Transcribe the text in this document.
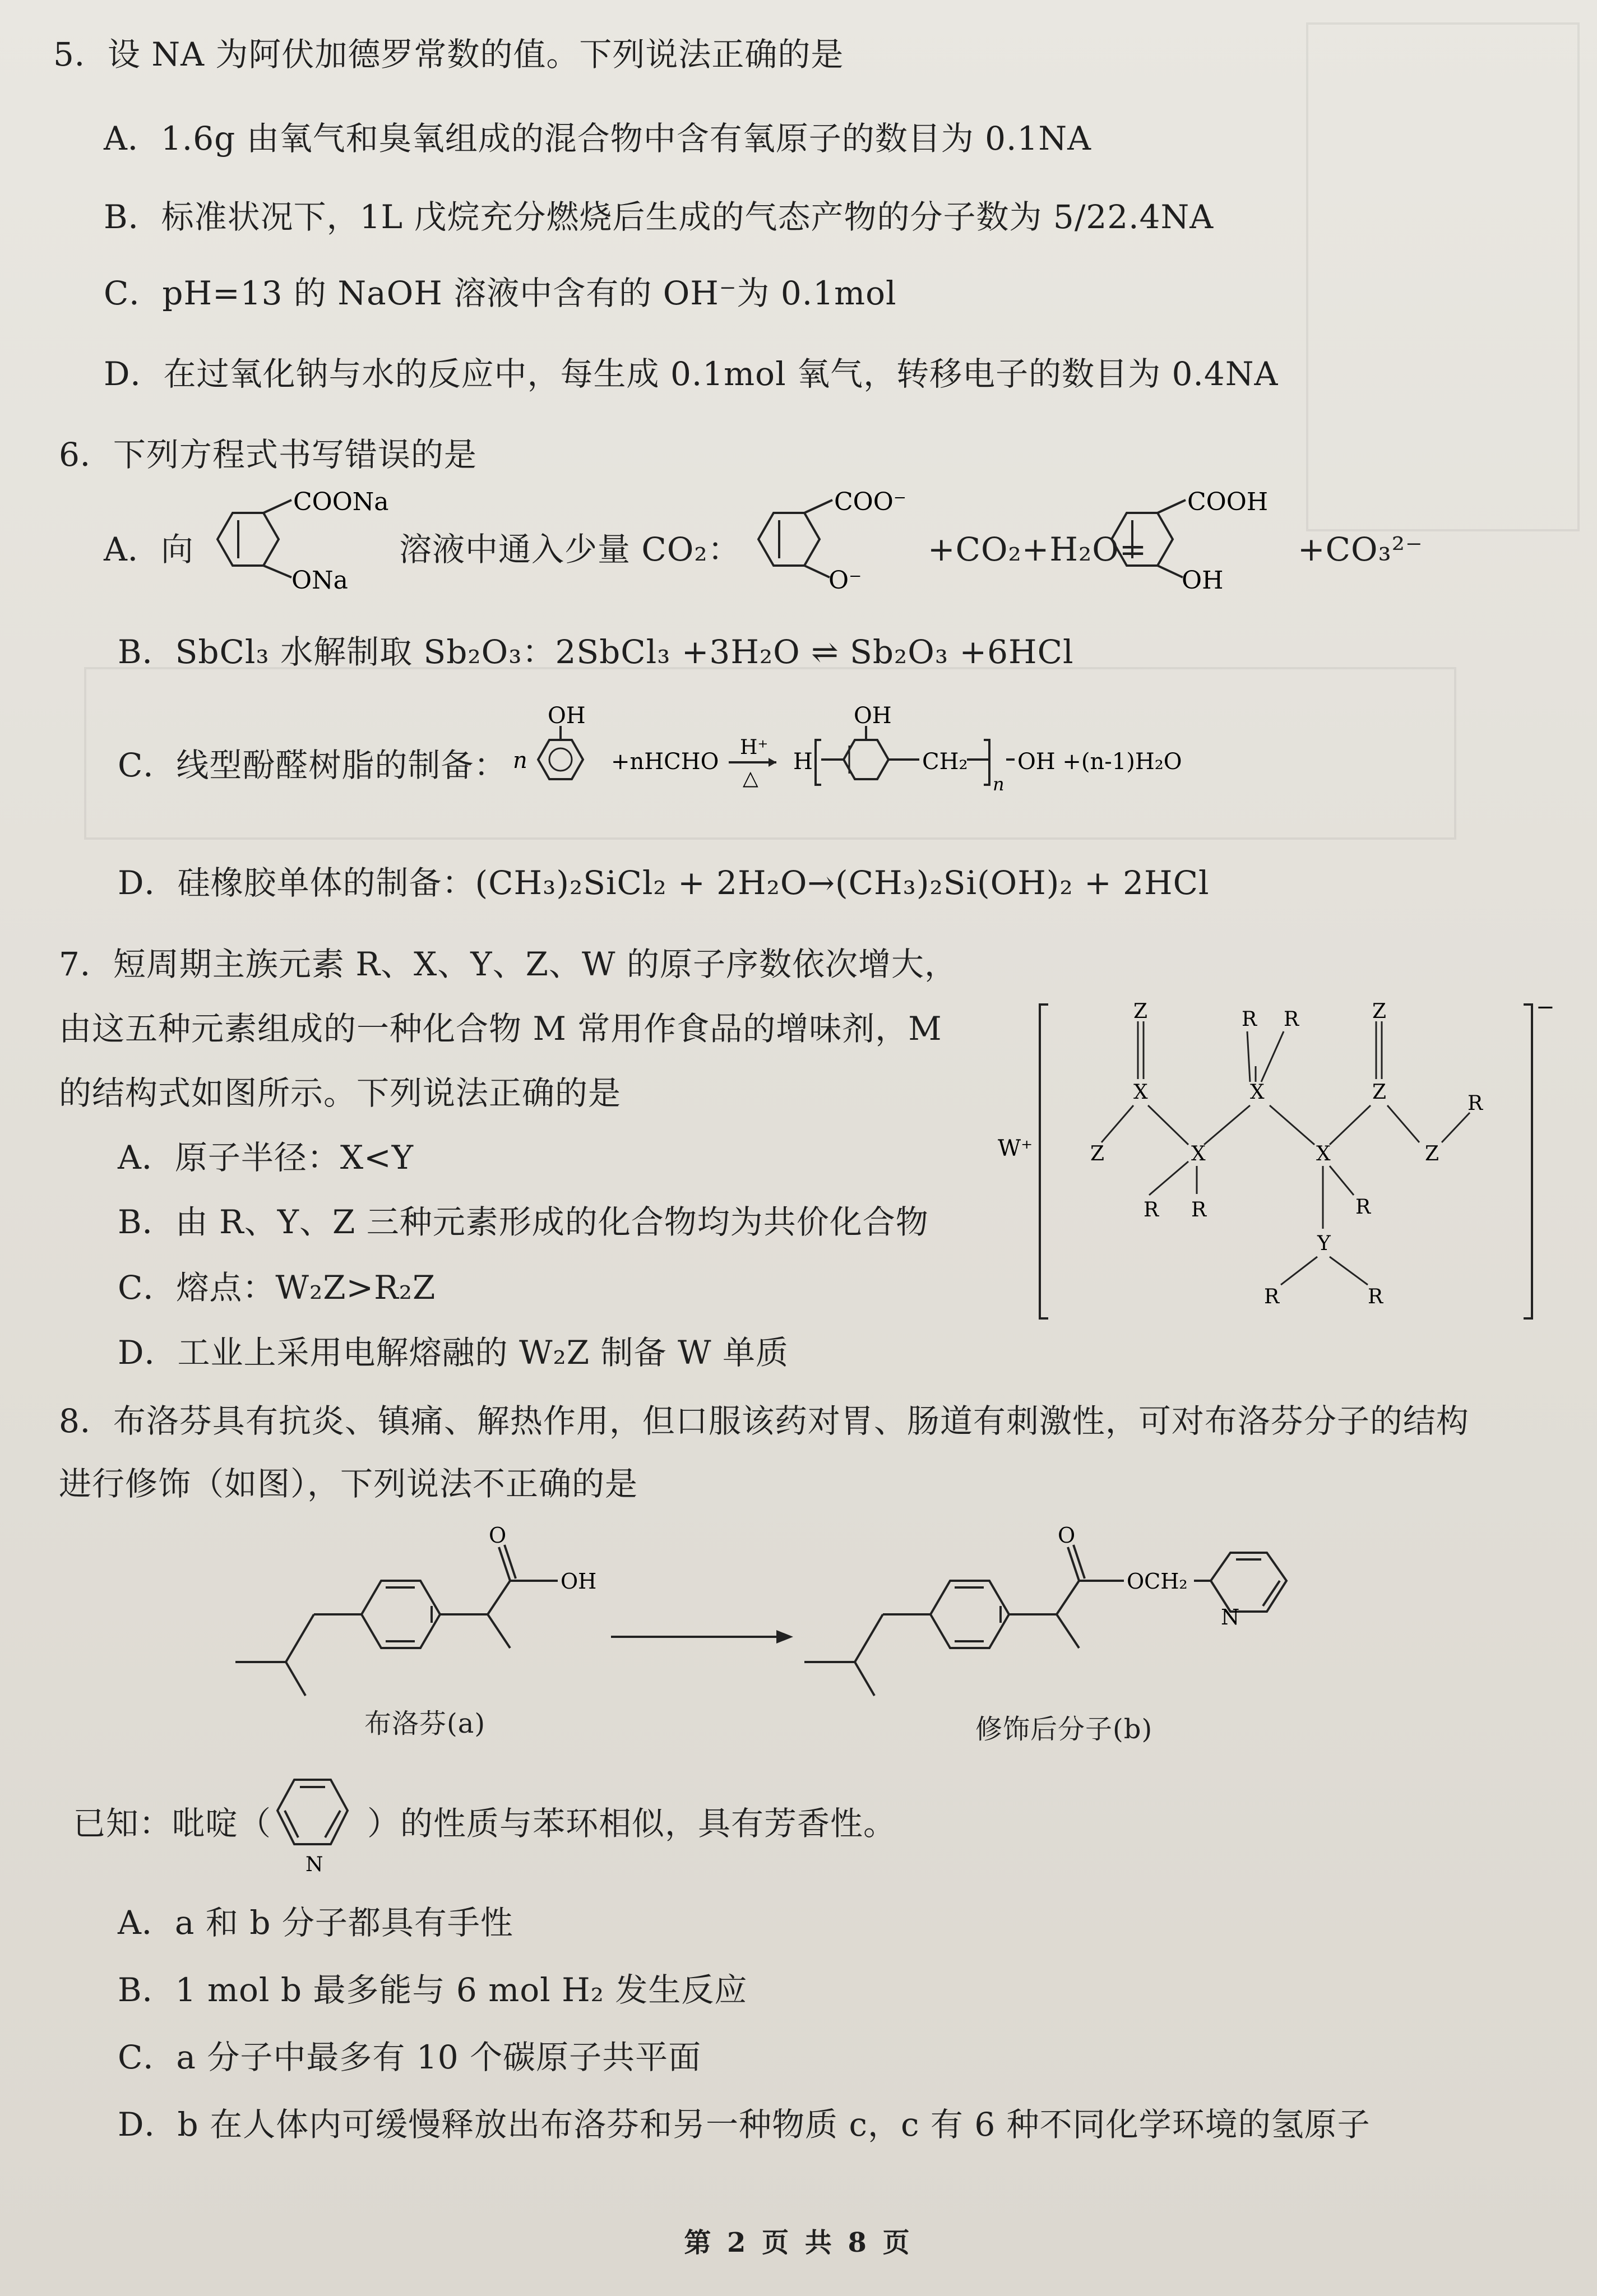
5．设 NA 为阿伏加德罗常数的值。下列说法正确的是
A．1.6g 由氧气和臭氧组成的混合物中含有氧原子的数目为 0.1NA
B．标准状况下，1L 戊烷充分燃烧后生成的气态产物的分子数为 5/22.4NA
C．pH=13 的 NaOH 溶液中含有的 OH⁻为 0.1mol
D．在过氧化钠与水的反应中，每生成 0.1mol 氧气，转移电子的数目为 0.4NA
6．下列方程式书写错误的是
A．向
COONa
ONa
溶液中通入少量 CO₂：
COO⁻
O⁻
+CO₂+H₂O=
COOH
OH
+CO₃²⁻
B．SbCl₃ 水解制取 Sb₂O₃：2SbCl₃ +3H₂O ⇌ Sb₂O₃ +6HCl
C．线型酚醛树脂的制备： n
OH
+nHCHO
H⁺
△
H
OH
CH₂
n
OH +(n-1)H₂O
D．硅橡胶单体的制备：(CH₃)₂SiCl₂ + 2H₂O→(CH₃)₂Si(OH)₂ + 2HCl
7．短周期主族元素 R、X、Y、Z、W 的原子序数依次增大，
由这五种元素组成的一种化合物 M 常用作食品的增味剂，M
的结构式如图所示。下列说法正确的是
A．原子半径：X<Y
B．由 R、Y、Z 三种元素形成的化合物均为共价化合物
C．熔点：W₂Z>R₂Z
D．工业上采用电解熔融的 W₂Z 制备 W 单质
W⁺
−
Z
Z
X
Z
X
R R
R
X
R
X
R
Y
R	R
Z
Z
R
8．布洛芬具有抗炎、镇痛、解热作用，但口服该药对胃、肠道有刺激性，可对布洛芬分子的结构
进行修饰（如图），下列说法不正确的是
O
OH
布洛芬(a)
O
OCH₂
N
修饰后分子(b)
已知：吡啶（
N
）的性质与苯环相似，具有芳香性。
A．a 和 b 分子都具有手性
B．1 mol b 最多能与 6 mol H₂ 发生反应
C．a 分子中最多有 10 个碳原子共平面
D．b 在人体内可缓慢释放出布洛芬和另一种物质 c，c 有 6 种不同化学环境的氢原子
第 2 页 共 8 页
